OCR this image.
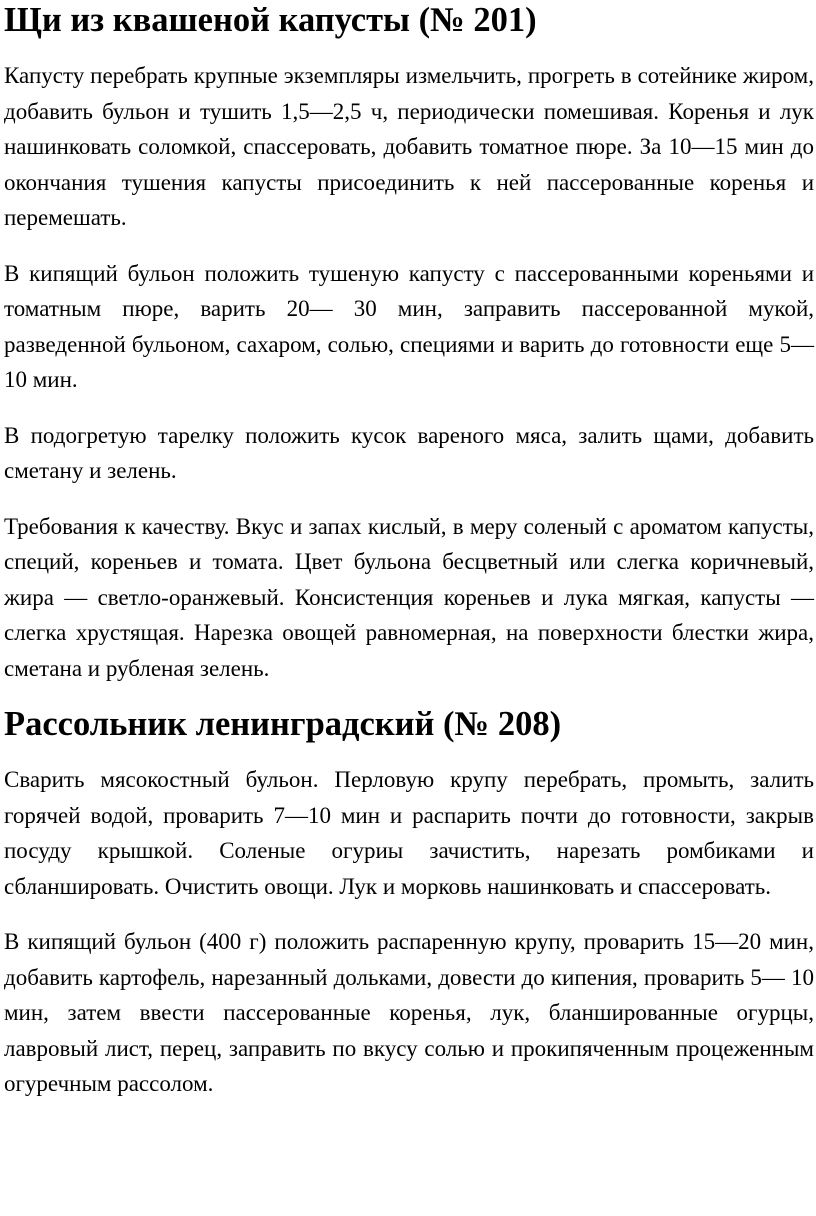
Щи из квашеной капусты (№ 201)

Капусту перебрать крупные экземпляры измельчить, прогреть в сотейнике жиром, добавить бульон и тушить 1,5—2,5 ч, периодически помешивая. Коренья и лук нашинковать соломкой, спассеровать, добавить томатное пюре. За 10—15 мин до окончания тушения капусты присоединить к ней пассерованные коренья и перемешать.

В кипящий бульон положить тушеную капусту с пассерованными кореньями и томатным пюре, варить 20— 30 мин, заправить пассерованной мукой, разведенной бульоном, сахаром, солью, специями и варить до готовности еще 5—10 мин.

В подогретую тарелку положить кусок вареного мяса, залить щами, добавить сметану и зелень.

Требования к качеству. Вкус и запах кислый, в меру соленый с ароматом капусты, специй, кореньев и томата. Цвет бульона бесцветный или слегка коричневый, жира — светло-оранжевый. Консистенция кореньев и лука мягкая, капусты — слегка хрустящая. Нарезка овощей равномерная, на поверхности блестки жира, сметана и рубленая зелень.

Рассольник ленинградский (№ 208)

Сварить мясокостный бульон. Перловую крупу перебрать, промыть, залить горячей водой, проварить 7—10 мин и распарить почти до готовности, закрыв посуду крышкой. Соленые огуриы зачистить, нарезать ромбиками и сбланшировать. Очистить овощи. Лук и морковь нашинковать и спассеровать.

В кипящий бульон (400 г) положить распаренную крупу, проварить 15—20 мин, добавить картофель, нарезанный дольками, довести до кипения, проварить 5— 10 мин, затем ввести пассерованные коренья, лук, бланшированные огурцы, лавровый лист, перец, заправить по вкусу солью и прокипяченным процеженным огуречным рассолом.
